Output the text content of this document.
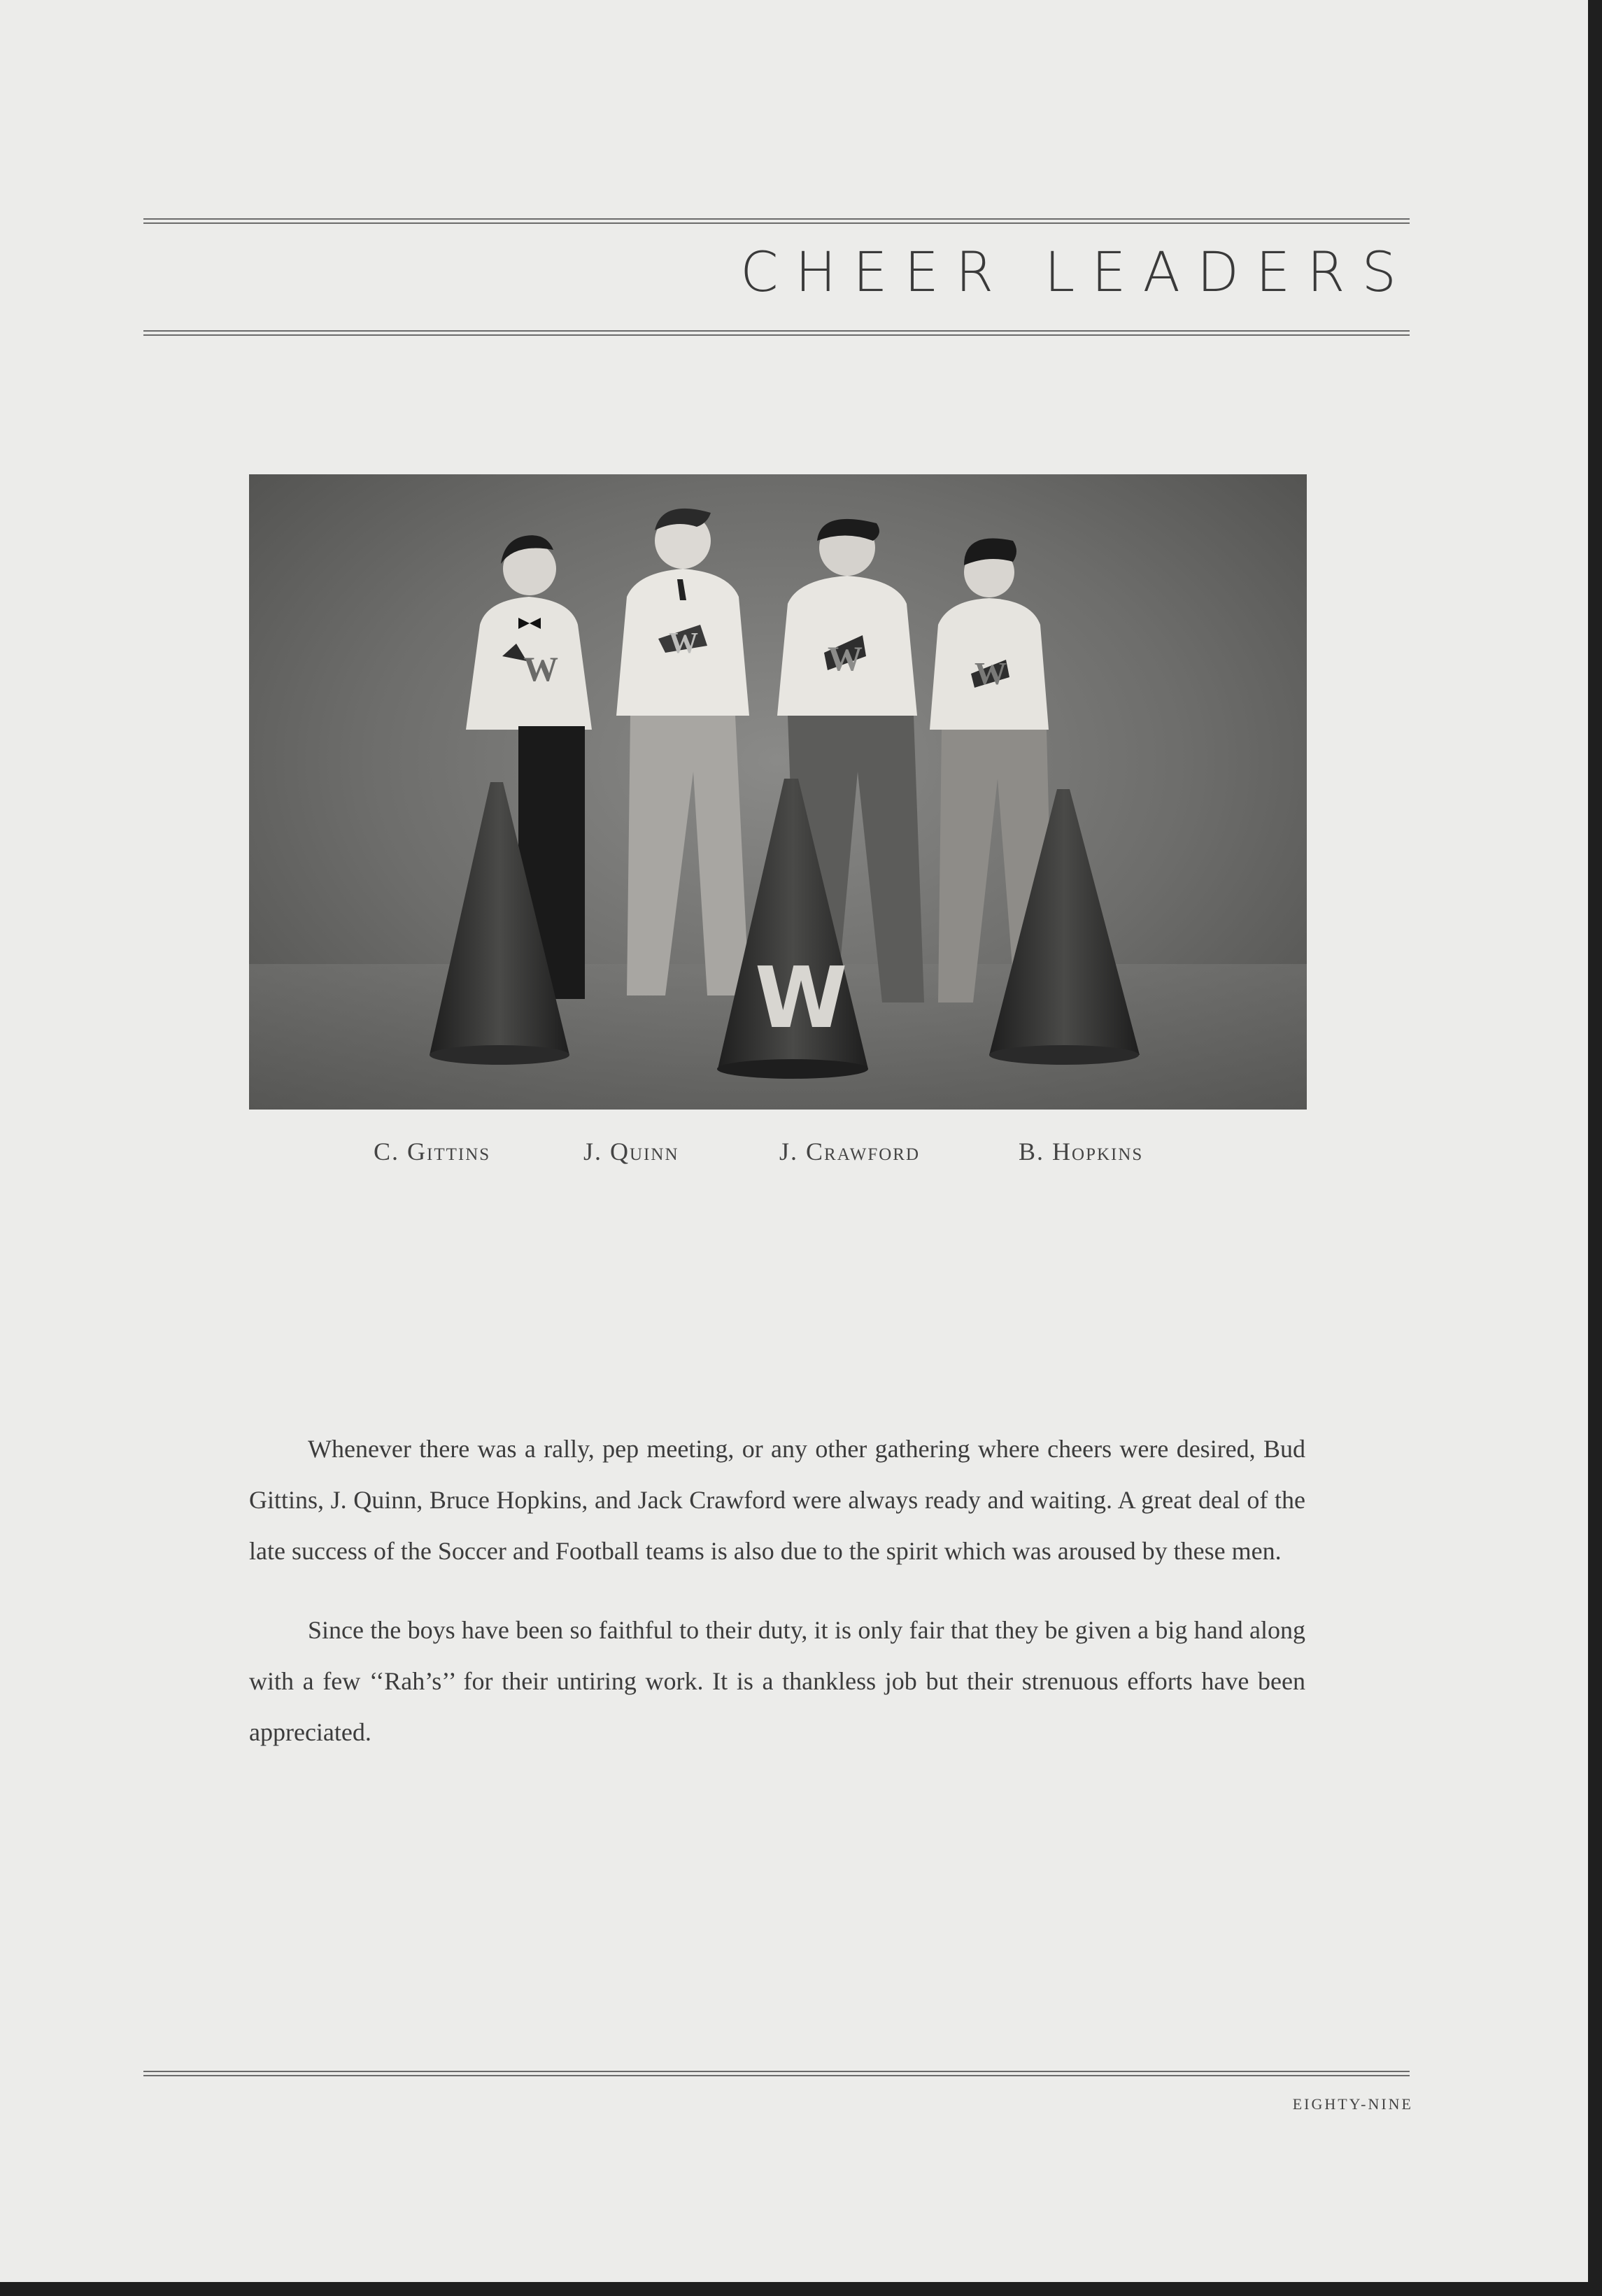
CHEER LEADERS
W
W	W	W
W
C. Gittins	J. Quinn	J. Crawford	B. Hopkins

Whenever there was a rally, pep meeting, or any other gathering where cheers were desired, Bud Gittins, J. Quinn, Bruce Hopkins, and Jack Crawford were always ready and waiting. A great deal of the late success of the Soccer and Football teams is also due to the spirit which was aroused by these men.

Since the boys have been so faithful to their duty, it is only fair that they be given a big hand along with a few ‘‘Rah’s’’ for their untiring work. It is a thankless job but their strenuous efforts have been appreciated.

EIGHTY-NINE
